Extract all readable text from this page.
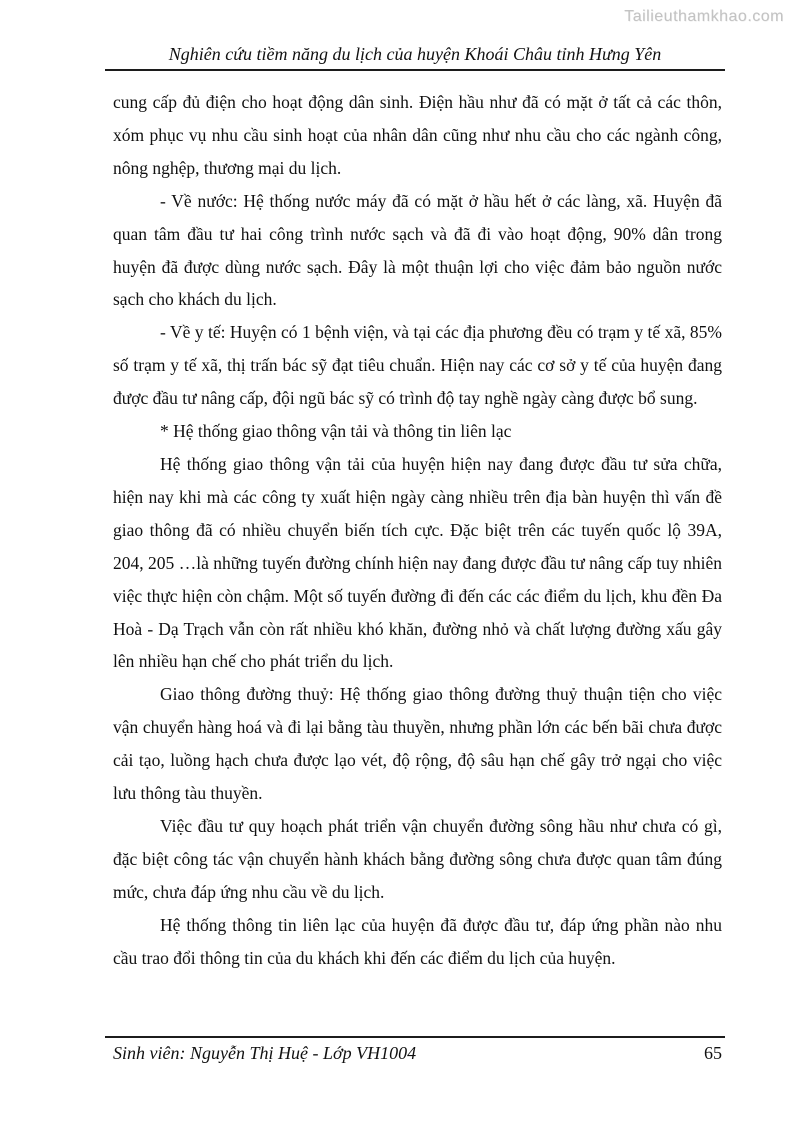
Tailieuthamkhao.com
Nghiên cứu tiềm năng du lịch của huyện Khoái Châu tỉnh Hưng Yên

cung cấp đủ điện cho hoạt động dân sinh. Điện hầu như đã có mặt ở tất cả các thôn, xóm phục vụ nhu cầu sinh hoạt của nhân dân cũng như nhu cầu cho các ngành công, nông nghệp, thương mại du lịch.

- Về nước: Hệ thống nước máy đã có mặt ở hầu hết ở các làng, xã. Huyện đã quan tâm đầu tư hai công trình nước sạch và đã đi vào hoạt động, 90% dân trong huyện đã được dùng nước sạch. Đây là một thuận lợi cho việc đảm bảo nguồn nước sạch cho khách du lịch.

- Về y tế: Huyện có 1 bệnh viện, và tại các địa phương đều có trạm y tế xã, 85% số trạm y tế xã, thị trấn bác sỹ đạt tiêu chuẩn. Hiện nay các cơ sở y tế của huyện đang được đầu tư nâng cấp, đội ngũ bác sỹ có trình độ tay nghề ngày càng được bổ sung.

* Hệ thống giao thông vận tải và thông tin liên lạc

Hệ thống giao thông vận tải của huyện hiện nay đang được đầu tư sửa chữa, hiện nay khi mà các công ty xuất hiện ngày càng nhiều trên địa bàn huyện thì vấn đề giao thông đã có nhiều chuyển biến tích cực. Đặc biệt trên các tuyến quốc lộ 39A, 204, 205 …là những tuyến đường chính hiện nay đang được đầu tư nâng cấp tuy nhiên việc thực hiện còn chậm. Một số tuyến đường đi đến các các điểm du lịch, khu đền Đa Hoà - Dạ Trạch vẫn còn rất nhiều khó khăn, đường nhỏ và chất lượng đường xấu gây lên nhiều hạn chế cho phát triển du lịch.

Giao thông đường thuỷ: Hệ thống giao thông đường thuỷ thuận tiện cho việc vận chuyển hàng hoá và đi lại bằng tàu thuyền, nhưng phần lớn các bến bãi chưa được cải tạo, luồng hạch chưa được lạo vét, độ rộng, độ sâu hạn chế gây trở ngại cho việc lưu thông tàu thuyền.

Việc đầu tư quy hoạch phát triển vận chuyển đường sông hầu như chưa có gì, đặc biệt công tác vận chuyển hành khách bằng đường sông chưa được quan tâm đúng mức, chưa đáp ứng nhu cầu về du lịch.

Hệ thống thông tin liên lạc của huyện đã được đầu tư, đáp ứng phần nào nhu cầu trao đổi thông tin của du khách khi đến các điểm du lịch của huyện.

Sinh viên: Nguyễn Thị Huệ - Lớp VH1004	65
